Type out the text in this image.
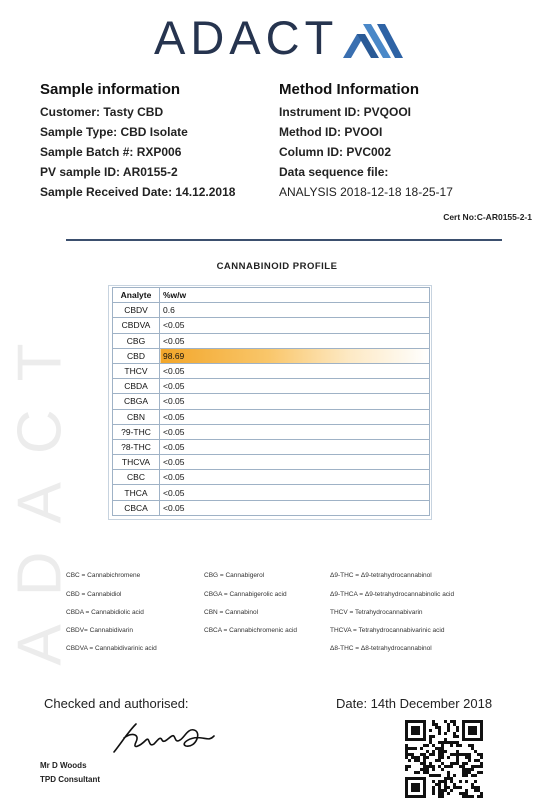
ADACT
ADACT
Sample information
Customer: Tasty CBD
Sample Type: CBD Isolate
Sample Batch #: RXP006
PV sample ID: AR0155-2
Sample Received Date: 14.12.2018
Method Information
Instrument ID: PVQOOI
Method ID: PVOOI
Column ID: PVC002
Data sequence file:
ANALYSIS 2018-12-18 18-25-17
Cert No:C-AR0155-2-1
CANNABINOID PROFILE
Analyte	%w/w
CBDV	0.6
CBDVA	<0.05
CBG	<0.05
CBD	98.69
THCV	<0.05
CBDA	<0.05
CBGA	<0.05
CBN	<0.05
?9-THC	<0.05
?8-THC	<0.05
THCVA	<0.05
CBC	<0.05
THCA	<0.05
CBCA	<0.05
CBC = Cannabichromene
CBD = Cannabidiol
CBDA = Cannabidiolic acid
CBDV= Cannabidivarin
CBDVA = Cannabidivarinic acid
CBG = Cannabigerol
CBGA = Cannabigerolic acid
CBN = Cannabinol
CBCA = Cannabichromenic acid
Δ9-THC = Δ9-tetrahydrocannabinol
Δ9-THCA = Δ9-tetrahydrocannabinolic acid
THCV = Tetrahydrocannabivarin
THCVA = Tetrahydrocannabivarinic acid
Δ8-THC = Δ8-tetrahydrocannabinol
Checked and authorised:	Date: 14th December 2018
Mr D Woods
TPD Consultant
